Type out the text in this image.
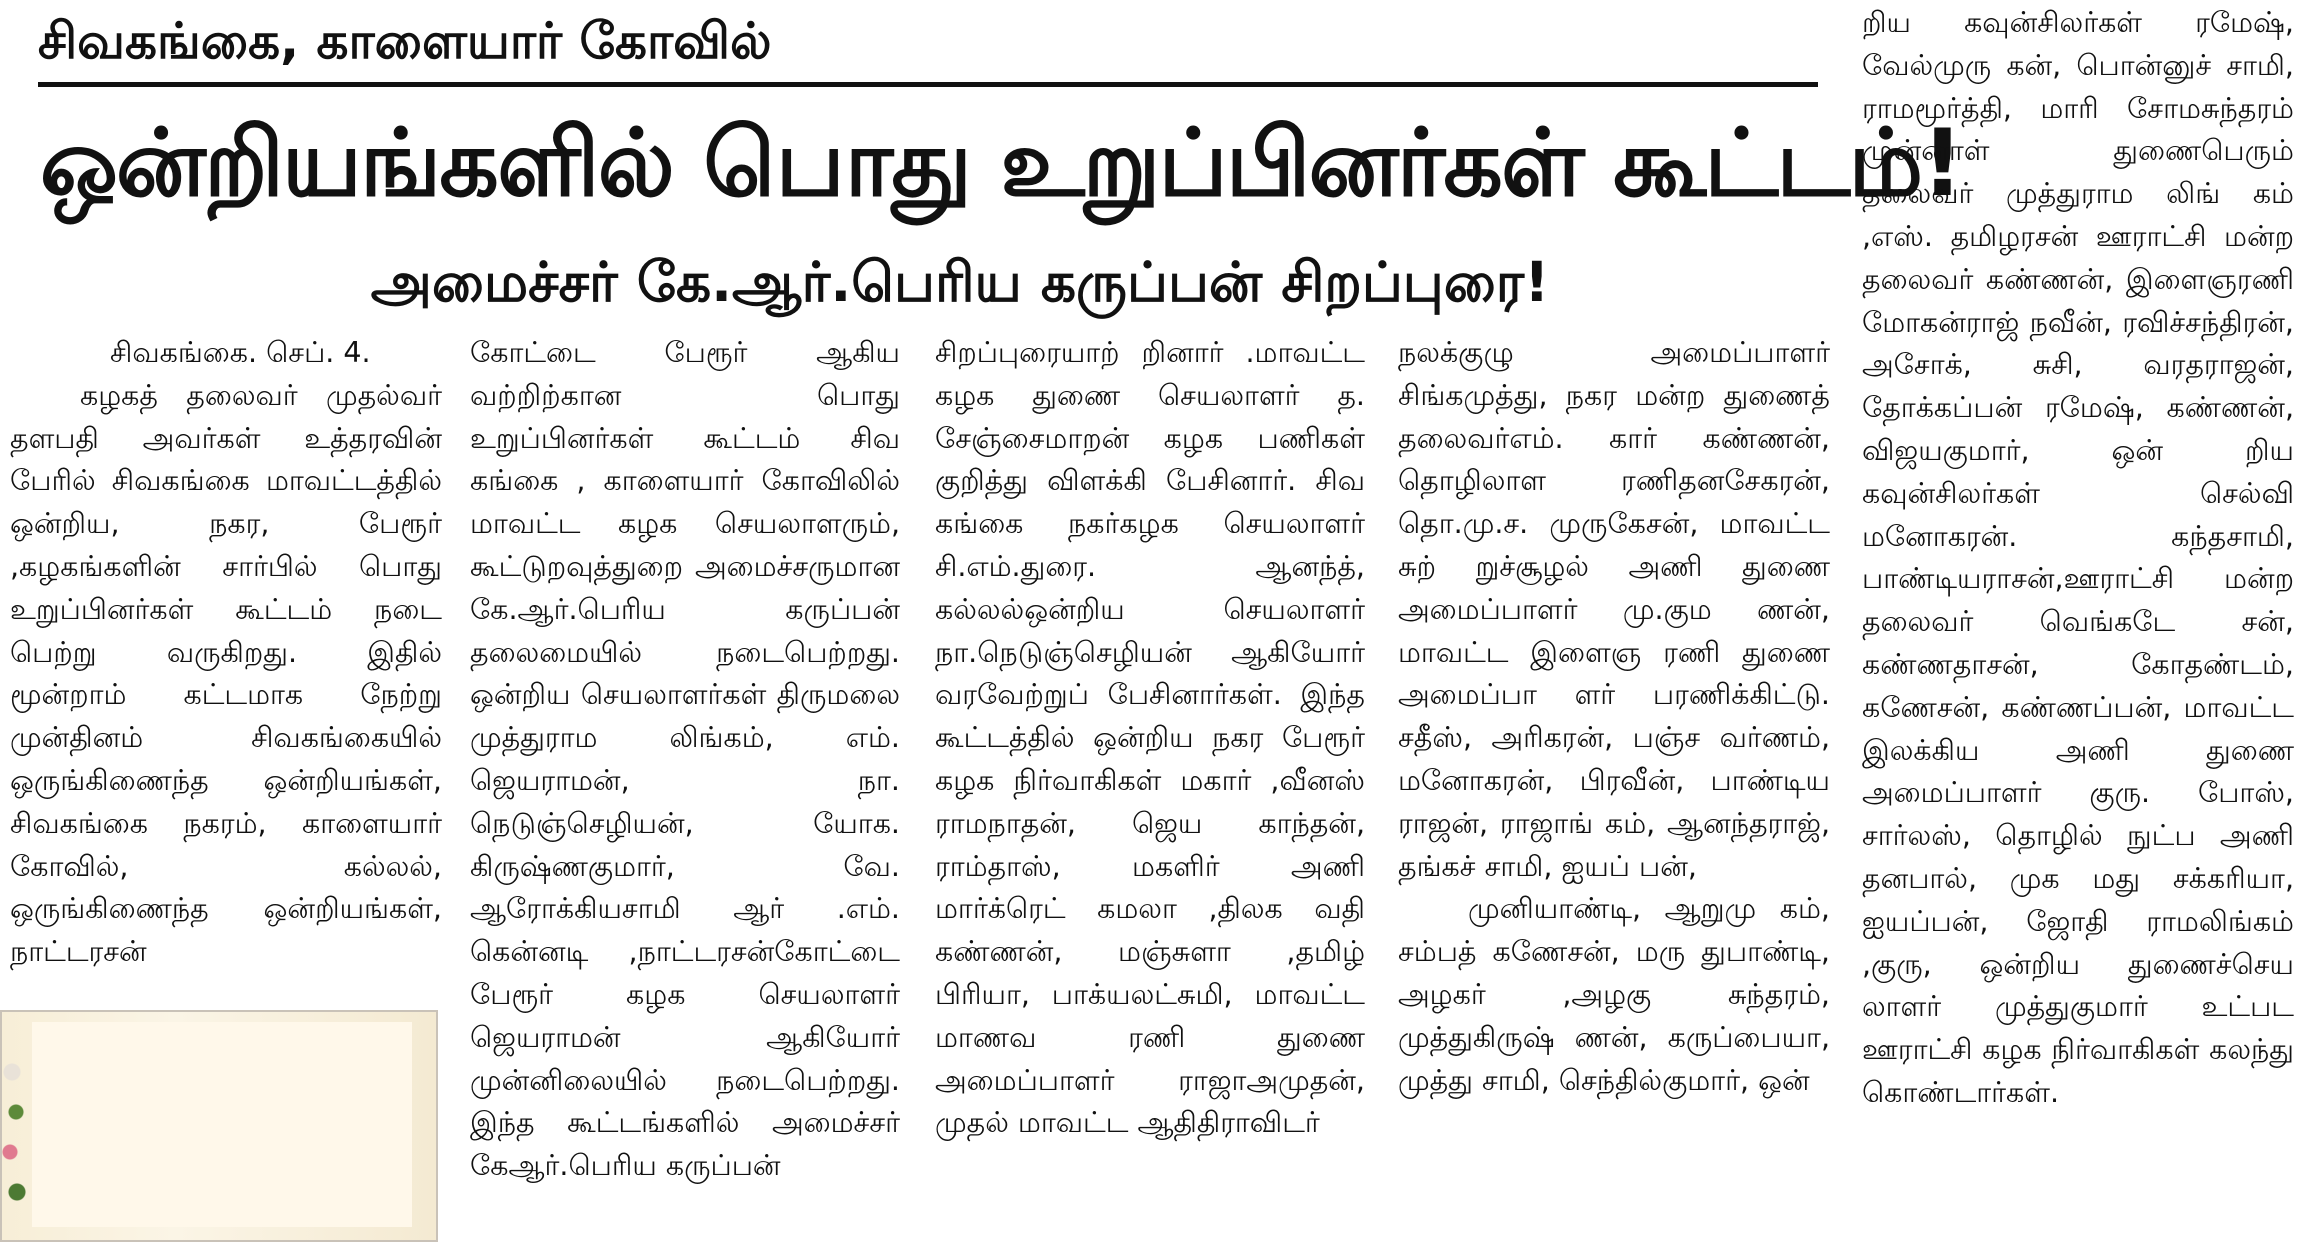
சிவகங்கை, காளையார் கோவில்
ஒன்றியங்களில் பொது உறுப்பினர்கள் கூட்டம்!
அமைச்சர் கே.ஆர்.பெரிய கருப்பன் சிறப்புரை!

சிவகங்கை. செப். 4.

கழகத் தலைவர் முதல்வர் தளபதி அவர்கள் உத்தரவின் பேரில் சிவகங்கை மாவட்டத்தில் ஒன்றிய, நகர, பேரூர் ,கழகங்களின் சார்பில் பொது உறுப்பினர்கள் கூட்டம் நடை பெற்று வருகிறது. இதில் மூன்றாம் கட்டமாக நேற்று முன்தினம் சிவகங்கையில் ஒருங்கிணைந்த ஒன்றியங்கள், சிவகங்கை நகரம், காளையார் கோவில், கல்லல், ஒருங்கிணைந்த ஒன்றியங்கள், நாட்டரசன்

கோட்டை பேரூர் ஆகிய வற்றிற்கான பொது உறுப்பினர்கள் கூட்டம் சிவ கங்கை , காளையார் கோவிலில் மாவட்ட கழக செயலாளரும், கூட்டுறவுத்துறை அமைச்சருமான கே.ஆர்.பெரிய கருப்பன் தலைமையில் நடைபெற்றது. ஒன்றிய செயலாளர்கள் திருமலை முத்துராம லிங்கம், எம். ஜெயராமன், நா. நெடுஞ்செழியன், யோக. கிருஷ்ணகுமார், வே. ஆரோக்கியசாமி ஆர் .எம். கென்னடி ,நாட்டரசன்கோட்டை பேரூர் கழக செயலாளர் ஜெயராமன் ஆகியோர் முன்னிலையில் நடைபெற்றது. இந்த கூட்டங்களில் அமைச்சர் கேஆர்.பெரிய கருப்பன்

சிறப்புரையாற் றினார் .மாவட்ட கழக துணை செயலாளர் த. சேஞ்சைமாறன் கழக பணிகள் குறித்து விளக்கி பேசினார். சிவ கங்கை நகர்கழக செயலாளர் சி.எம்.துரை. ஆனந்த், கல்லல்ஒன்றிய செயலாளர் நா.நெடுஞ்செழியன் ஆகியோர் வரவேற்றுப் பேசினார்கள். இந்த கூட்டத்தில் ஒன்றிய நகர பேரூர் கழக நிர்வாகிகள் மகார் ,வீனஸ் ராமநாதன், ஜெய காந்தன், ராம்தாஸ், மகளிர் அணி மார்க்ரெட் கமலா ,திலக வதி கண்ணன், மஞ்சுளா ,தமிழ் பிரியா, பாக்யலட்சுமி, மாவட்ட மாணவ ரணி துணை அமைப்பாளர் ராஜாஅமுதன், முதல் மாவட்ட ஆதிதிராவிடர்

நலக்குழு அமைப்பாளர் சிங்கமுத்து, நகர மன்ற துணைத் தலைவர்எம். கார் கண்ணன், தொழிலாள ரணிதனசேகரன், தொ.மு.ச. முருகேசன், மாவட்ட சுற் றுச்சூழல் அணி துணை அமைப்பாளர் மு.கும ணன், மாவட்ட இளைஞ ரணி துணை அமைப்பா ளர் பரணிக்கிட்டு. சதீஸ், அரிகரன், பஞ்ச வர்ணம், மனோகரன், பிரவீன், பாண்டிய ராஜன், ராஜாங் கம், ஆனந்தராஜ், தங்கச் சாமி, ஐயப் பன்,

முனியாண்டி, ஆறுமு கம், சம்பத் கணேசன், மரு துபாண்டி, அழகர் ,அழகு சுந்தரம், முத்துகிருஷ் ணன், கருப்பையா, முத்து சாமி, செந்தில்குமார், ஒன்

றிய கவுன்சிலர்கள் ரமேஷ், வேல்முரு கன், பொன்னுச் சாமி, ராமமூர்த்தி, மாரி சோமசுந்தரம் முன்னாள் துணைபெரும் தலைவர் முத்துராம லிங் கம் ,எஸ். தமிழரசன் ஊராட்சி மன்ற தலைவர் கண்ணன், இளைஞரணி மோகன்ராஜ் நவீன், ரவிச்சந்திரன், அசோக், சுசி, வரதராஜன், தோக்கப்பன் ரமேஷ், கண்ணன், விஜயகுமார், ஒன் றிய கவுன்சிலர்கள் செல்வி மனோகரன். கந்தசாமி, பாண்டியராசன்,ஊராட்சி மன்ற தலைவர் வெங்கடே சன், கண்ணதாசன், கோதண்டம், கணேசன், கண்ணப்பன், மாவட்ட இலக்கிய அணி துணை அமைப்பாளர் குரு. போஸ், சார்லஸ், தொழில் நுட்ப அணி தனபால், முக மது சக்கரியா, ஐயப்பன், ஜோதி ராமலிங்கம் ,குரு, ஒன்றிய துணைச்செய லாளர் முத்துகுமார் உட்பட ஊராட்சி கழக நிர்வாகிகள் கலந்து கொண்டார்கள்.
